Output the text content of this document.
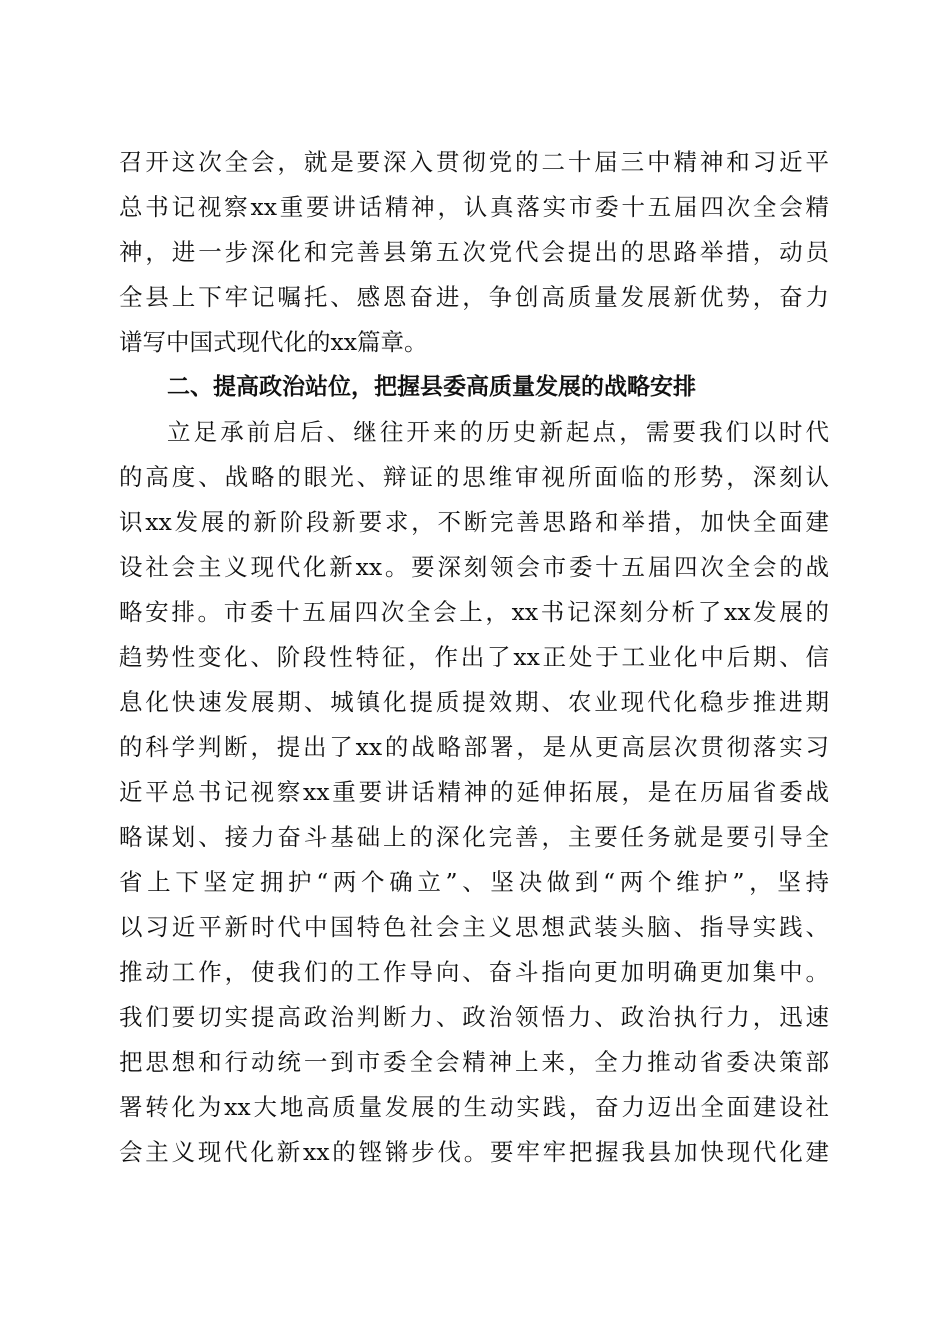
召开这次全会，就是要深入贯彻党的二十届三中精神和习近平
总书记视察xx重要讲话精神，认真落实市委十五届四次全会精
神，进一步深化和完善县第五次党代会提出的思路举措，动员
全县上下牢记嘱托、感恩奋进，争创高质量发展新优势，奋力
谱写中国式现代化的xx篇章。
二、提高政治站位，把握县委高质量发展的战略安排
立足承前启后、继往开来的历史新起点，需要我们以时代
的高度、战略的眼光、辩证的思维审视所面临的形势，深刻认
识xx发展的新阶段新要求，不断完善思路和举措，加快全面建
设社会主义现代化新xx。要深刻领会市委十五届四次全会的战
略安排。市委十五届四次全会上，xx书记深刻分析了xx发展的
趋势性变化、阶段性特征，作出了xx正处于工业化中后期、信
息化快速发展期、城镇化提质提效期、农业现代化稳步推进期
的科学判断，提出了xx的战略部署，是从更高层次贯彻落实习
近平总书记视察xx重要讲话精神的延伸拓展，是在历届省委战
略谋划、接力奋斗基础上的深化完善，主要任务就是要引导全
省上下坚定拥护“两个确立”、坚决做到“两个维护”，坚持
以习近平新时代中国特色社会主义思想武装头脑、指导实践、
推动工作，使我们的工作导向、奋斗指向更加明确更加集中。
我们要切实提高政治判断力、政治领悟力、政治执行力，迅速
把思想和行动统一到市委全会精神上来，全力推动省委决策部
署转化为xx大地高质量发展的生动实践，奋力迈出全面建设社
会主义现代化新xx的铿锵步伐。要牢牢把握我县加快现代化建
